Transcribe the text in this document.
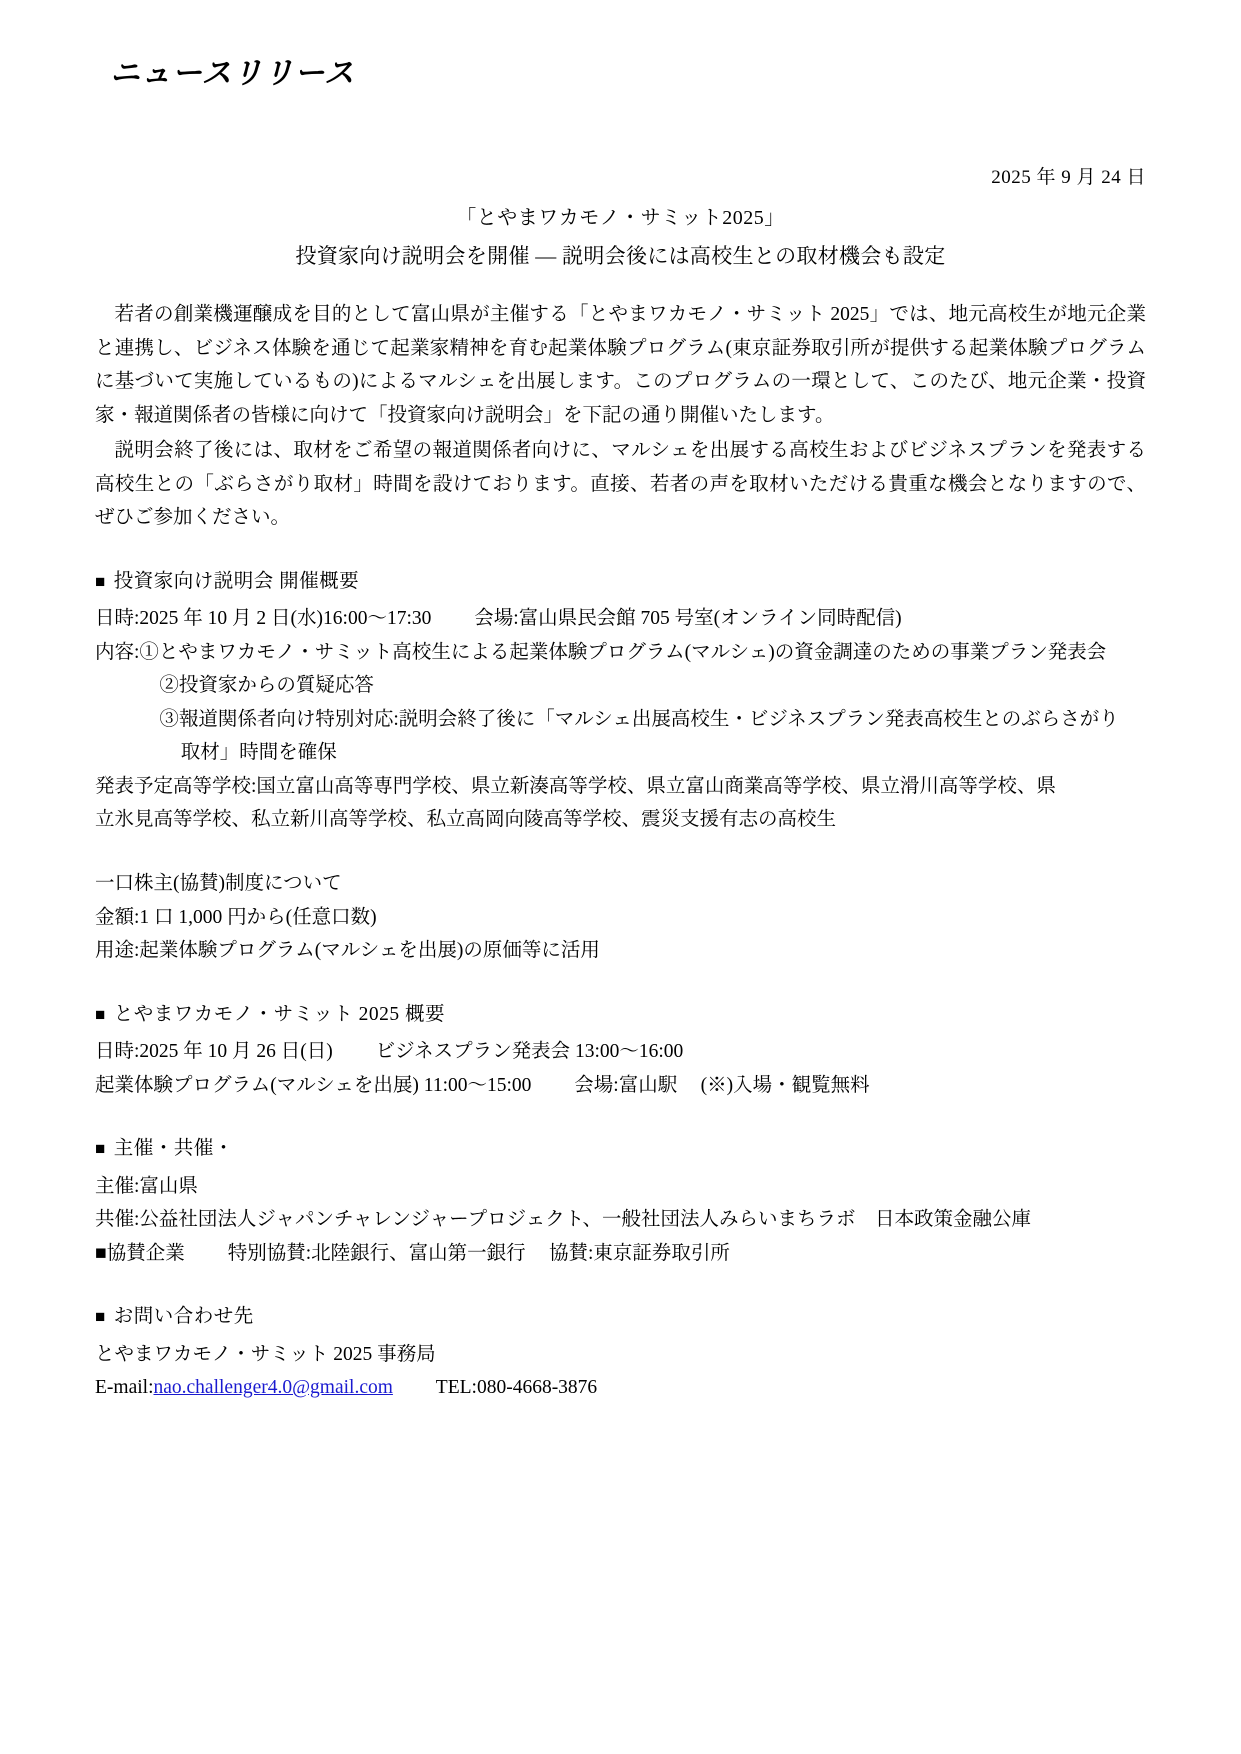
ニュースリリース
2025 年 9 月 24 日
「とやまワカモノ・サミット2025」
投資家向け説明会を開催 ― 説明会後には高校生との取材機会も設定

若者の創業機運醸成を目的として富山県が主催する「とやまワカモノ・サミット 2025」では、地元高校生が地元企業と連携し、ビジネス体験を通じて起業家精神を育む起業体験プログラム(東京証券取引所が提供する起業体験プログラムに基づいて実施しているもの)によるマルシェを出展します。このプログラムの一環として、このたび、地元企業・投資家・報道関係者の皆様に向けて「投資家向け説明会」を下記の通り開催いたします。

説明会終了後には、取材をご希望の報道関係者向けに、マルシェを出展する高校生およびビジネスプランを発表する高校生との「ぶらさがり取材」時間を設けております。直接、若者の声を取材いただける貴重な機会となりますので、ぜひご参加ください。

■ 投資家向け説明会 開催概要

日時:2025 年 10 月 2 日(水)16:00〜17:30 会場:富山県民会館 705 号室(オンライン同時配信)

内容:①とやまワカモノ・サミット高校生による起業体験プログラム(マルシェ)の資金調達のための事業プラン発表会

②投資家からの質疑応答

③報道関係者向け特別対応:説明会終了後に「マルシェ出展高校生・ビジネスプラン発表高校生とのぶらさがり

取材」時間を確保

発表予定高等学校:国立富山高等専門学校、県立新湊高等学校、県立富山商業高等学校、県立滑川高等学校、県

立氷見高等学校、私立新川高等学校、私立高岡向陵高等学校、震災支援有志の高校生

一口株主(協賛)制度について

金額:1 口 1,000 円から(任意口数)

用途:起業体験プログラム(マルシェを出展)の原価等に活用

■ とやまワカモノ・サミット 2025 概要

日時:2025 年 10 月 26 日(日) ビジネスプラン発表会 13:00〜16:00

起業体験プログラム(マルシェを出展) 11:00〜15:00 会場:富山駅 (※)入場・観覧無料

■ 主催・共催・

主催:富山県

共催:公益社団法人ジャパンチャレンジャープロジェクト、一般社団法人みらいまちラボ　日本政策金融公庫

■協賛企業 特別協賛:北陸銀行、富山第一銀行 協賛:東京証券取引所

■ お問い合わせ先

とやまワカモノ・サミット 2025 事務局

E-mail:nao.challenger4.0@gmail.com TEL:080-4668-3876
